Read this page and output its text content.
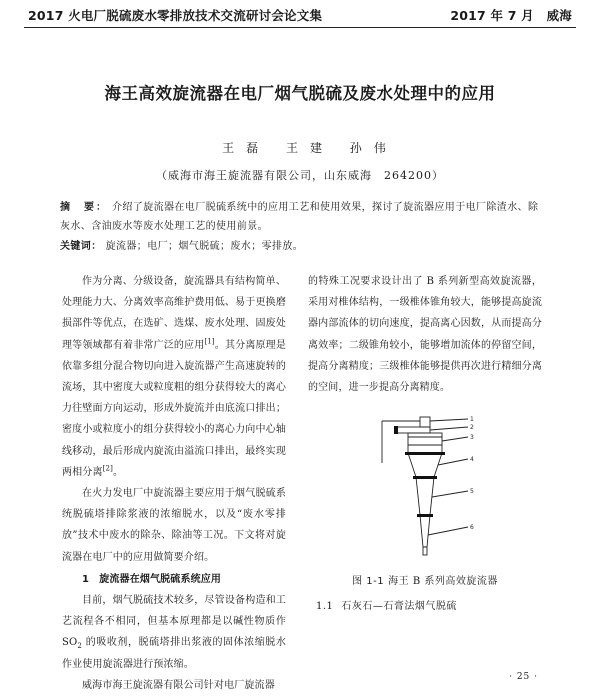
2017 火电厂脱硫废水零排放技术交流研讨会论文集	2017 年 7 月　威海
海王高效旋流器在电厂烟气脱硫及废水处理中的应用
王磊 王建 孙伟
（威海市海王旋流器有限公司，山东威海　264200）
摘　要： 介绍了旋流器在电厂脱硫系统中的应用工艺和使用效果，探讨了旋流器应用于电厂除渣水、除灰水、含油废水等废水处理工艺的使用前景。
关键词： 旋流器；电厂；烟气脱硫；废水；零排放。

作为分离、分级设备，旋流器具有结构简单、处理能力大、分离效率高维护费用低、易于更换磨损部件等优点，在选矿、选煤、废水处理、固废处理等领域都有着非常广泛的应用[1]。其分离原理是依靠多组分混合物切向进入旋流器产生高速旋转的流场，其中密度大或粒度粗的组分获得较大的离心力往壁面方向运动，形成外旋流并由底流口排出；密度小或粒度小的组分获得较小的离心力向中心轴线移动，最后形成内旋流由溢流口排出，最终实现两相分离[2]。

在火力发电厂中旋流器主要应用于烟气脱硫系统脱硫塔排除浆液的浓缩脱水，以及“废水零排放”技术中废水的除杂、除油等工况。下文将对旋流器在电厂中的应用做简要介绍。

1　旋流器在烟气脱硫系统应用

目前，烟气脱硫技术较多，尽管设备构造和工艺流程各不相同，但基本原理都是以碱性物质作 $SO_2$ 的吸收剂，脱硫塔排出浆液的固体浓缩脱水作业使用旋流器进行预浓缩。

威海市海王旋流器有限公司针对电厂旋流器

的特殊工况要求设计出了 B 系列新型高效旋流器，采用对椎体结构，一级椎体锥角较大，能够提高旋流器内部流体的切向速度，提高离心因数，从而提高分离效率；二级锥角较小，能够增加流体的停留空间，提高分离精度；三级椎体能够提供再次进行精细分离的空间，进一步提高分离精度。

1
2
3
4
5
6
图 1-1 海王 B 系列高效旋流器
1.1 石灰石—石膏法烟气脱硫
· 25 ·
